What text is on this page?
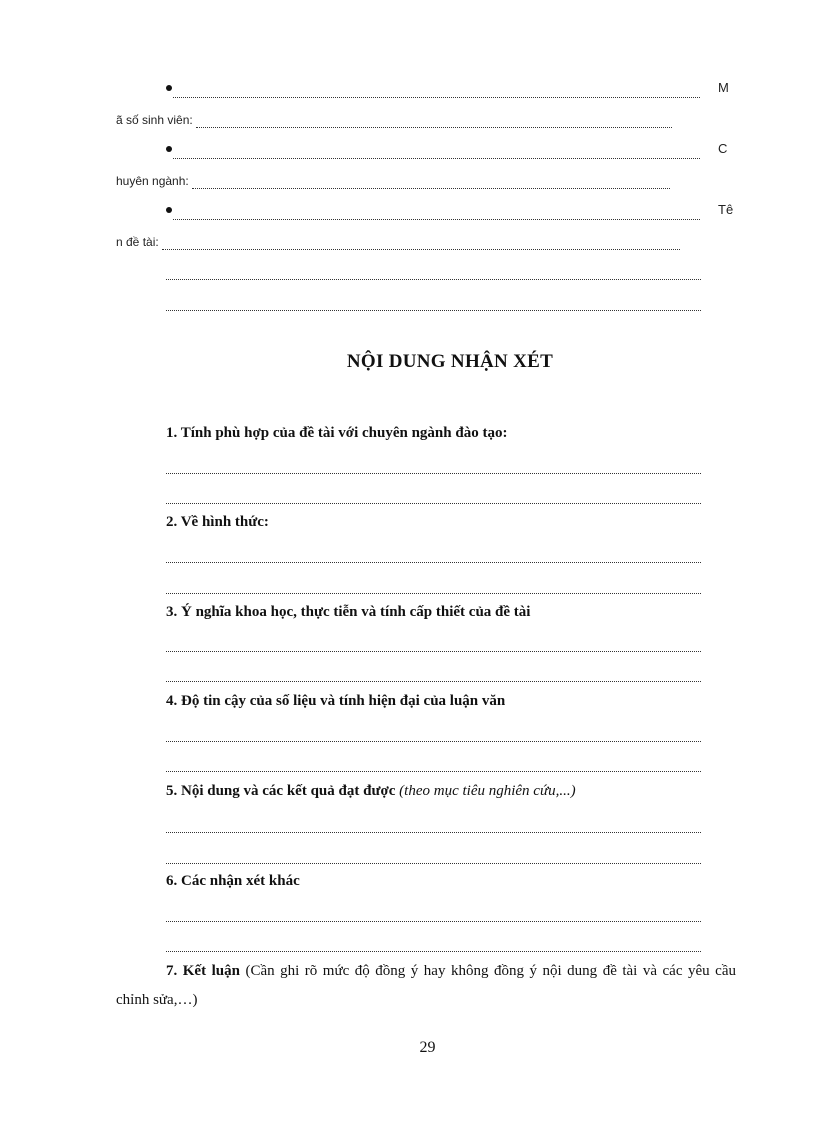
M
ã số sinh viên:
C
huyên ngành:
Tê
n đề tài:
NỘI DUNG NHẬN XÉT
1. Tính phù hợp của đề tài với chuyên ngành đào tạo:
2. Về hình thức:
3. Ý nghĩa khoa học, thực tiễn và tính cấp thiết của đề tài
4. Độ tin cậy của số liệu và tính hiện đại của luận văn
5. Nội dung và các kết quả đạt được (theo mục tiêu nghiên cứu,...)
6. Các nhận xét khác
7. Kết luận (Cần ghi rõ mức độ đồng ý hay không đồng ý nội dung đề tài và các yêu cầu chỉnh sửa,…)
29
